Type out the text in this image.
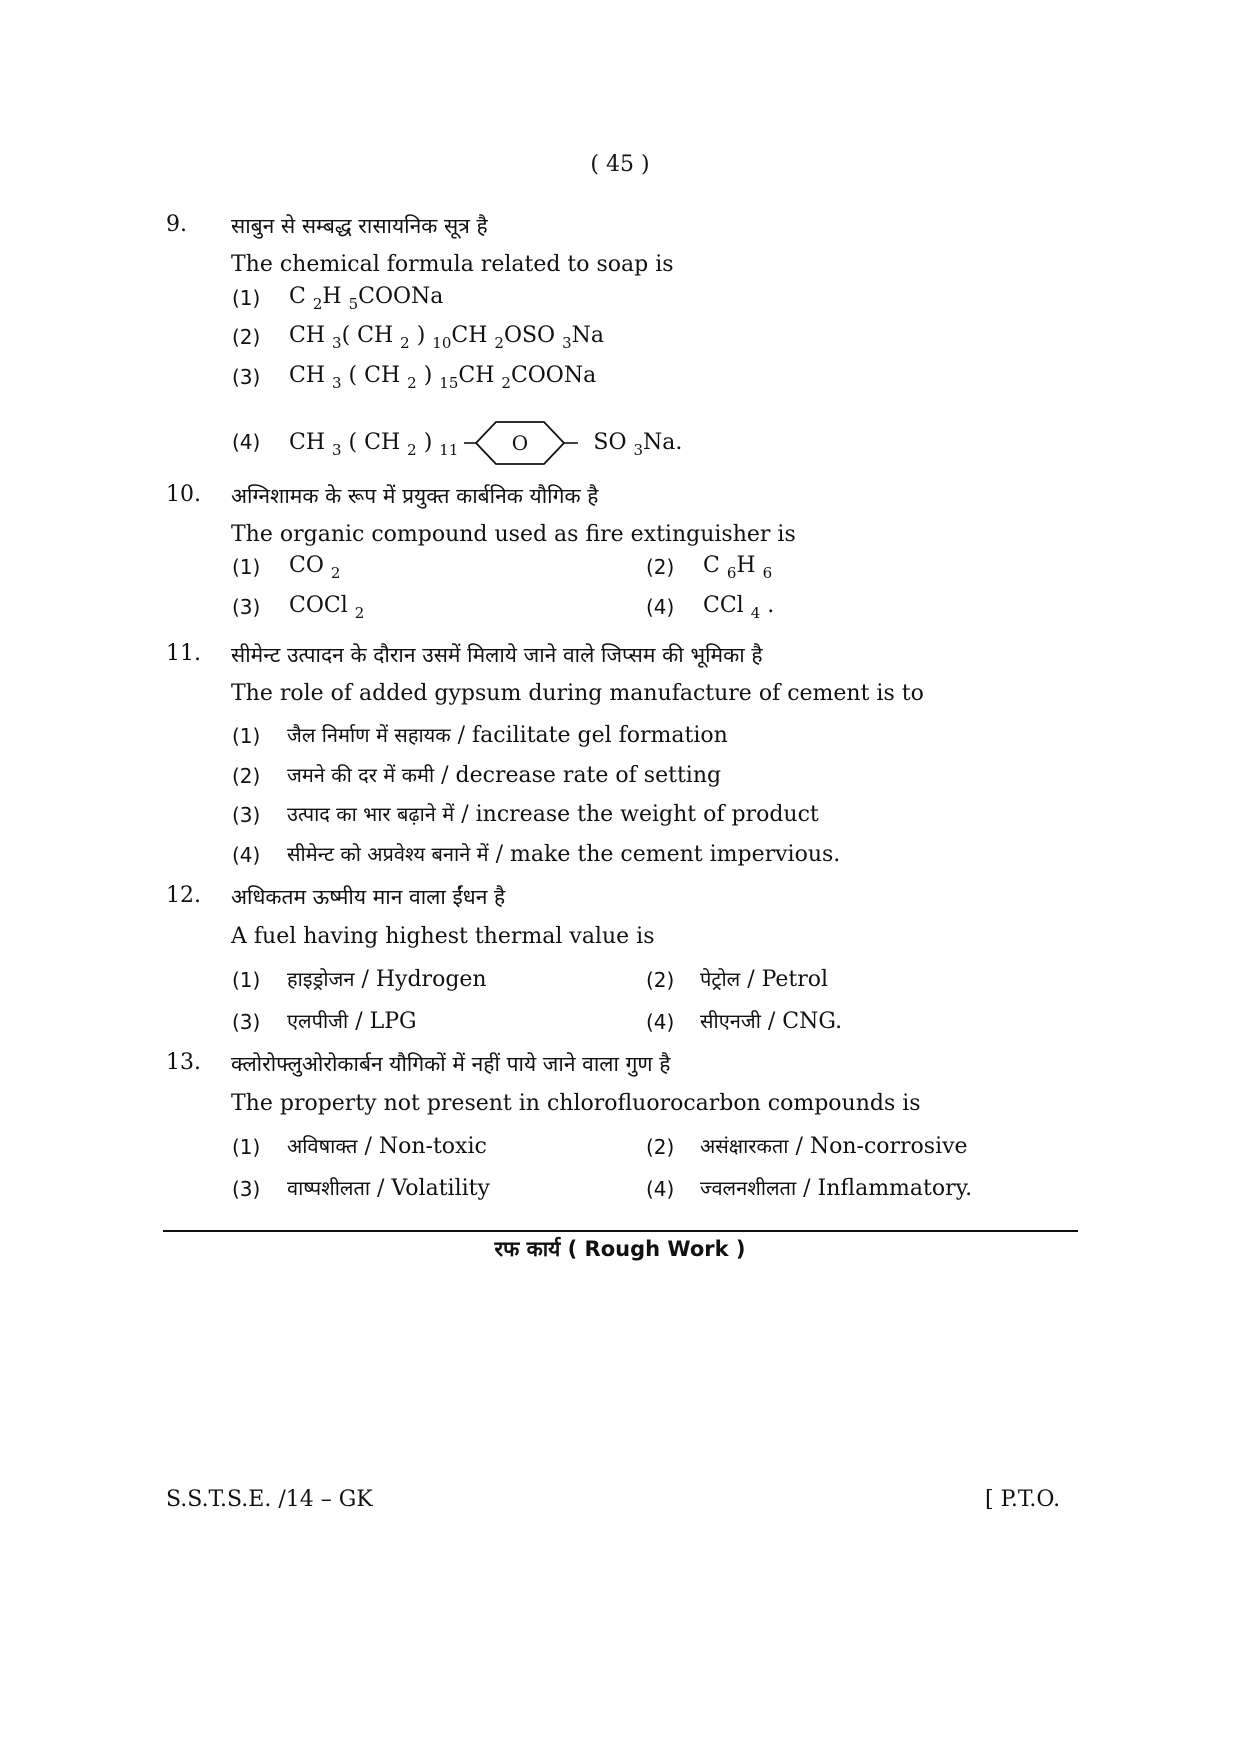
( 45 )
9. साबुन से सम्बद्ध रासायनिक सूत्र है
The chemical formula related to soap is
(1) C $_2$H $_5$COONa
(2) CH $_3$( CH $_2$ ) $_{10}$CH $_2$OSO $_3$Na
(3) CH $_3$ ( CH $_2$ ) $_{15}$CH $_2$COONa
(4) CH $_3$ ( CH $_2$ ) $_{11}$	O	SO $_3$Na.
10. अग्निशामक के रूप में प्रयुक्त कार्बनिक यौगिक है
The organic compound used as fire extinguisher is
(1) CO $_2$	(2) C $_6$H $_6$
(3) COCl $_2$	(4) CCl $_4$ .
11. सीमेन्ट उत्पादन के दौरान उसमें मिलाये जाने वाले जिप्सम की भूमिका है
The role of added gypsum during manufacture of cement is to
(1) जैल निर्माण में सहायक / facilitate gel formation
(2) जमने की दर में कमी / decrease rate of setting
(3) उत्पाद का भार बढ़ाने में / increase the weight of product
(4) सीमेन्ट को अप्रवेश्य बनाने में / make the cement impervious.
12. अधिकतम ऊष्मीय मान वाला ईंधन है
A fuel having highest thermal value is
(1) हाइड्रोजन / Hydrogen	(2) पेट्रोल / Petrol
(3) एलपीजी / LPG	(4) सीएनजी / CNG.
13. क्लोरोफ्लुओरोकार्बन यौगिकों में नहीं पाये जाने वाला गुण है
The property not present in chlorofluorocarbon compounds is
(1) अविषाक्त / Non-toxic	(2) असंक्षारकता / Non-corrosive
(3) वाष्पशीलता / Volatility	(4) ज्वलनशीलता / Inflammatory.
रफ कार्य ( Rough Work )
S.S.T.S.E. /14 – GK	[ P.T.O.
